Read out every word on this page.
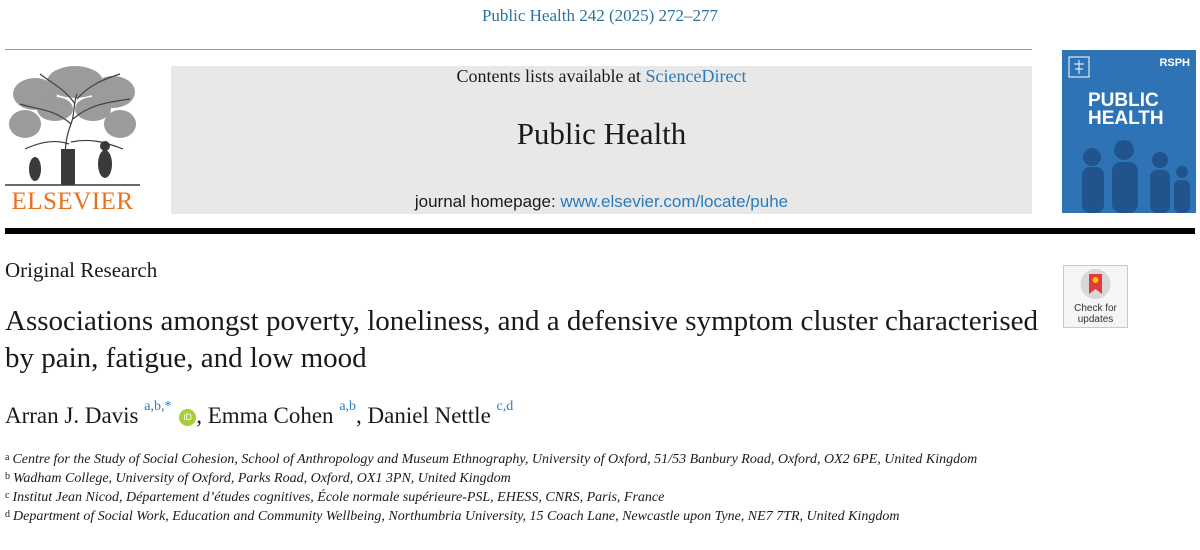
Public Health 242 (2025) 272–277
ELSEVIER
Contents lists available at ScienceDirect
Public Health
journal homepage: www.elsevier.com/locate/puhe
RSPH
PUBLIC
HEALTH
Original Research
Check for
updates
Associations amongst poverty, loneliness, and a defensive symptom cluster characterised by pain, fatigue, and low mood
Arran J. Davis $^{a,b,*}$ iD , Emma Cohen $^{a,b}$, Daniel Nettle $^{c,d}$
$^a$ Centre for the Study of Social Cohesion, School of Anthropology and Museum Ethnography, University of Oxford, 51/53 Banbury Road, Oxford, OX2 6PE, United Kingdom
$^b$ Wadham College, University of Oxford, Parks Road, Oxford, OX1 3PN, United Kingdom
$^c$ Institut Jean Nicod, Département d’études cognitives, École normale supérieure-PSL, EHESS, CNRS, Paris, France
$^d$ Department of Social Work, Education and Community Wellbeing, Northumbria University, 15 Coach Lane, Newcastle upon Tyne, NE7 7TR, United Kingdom
